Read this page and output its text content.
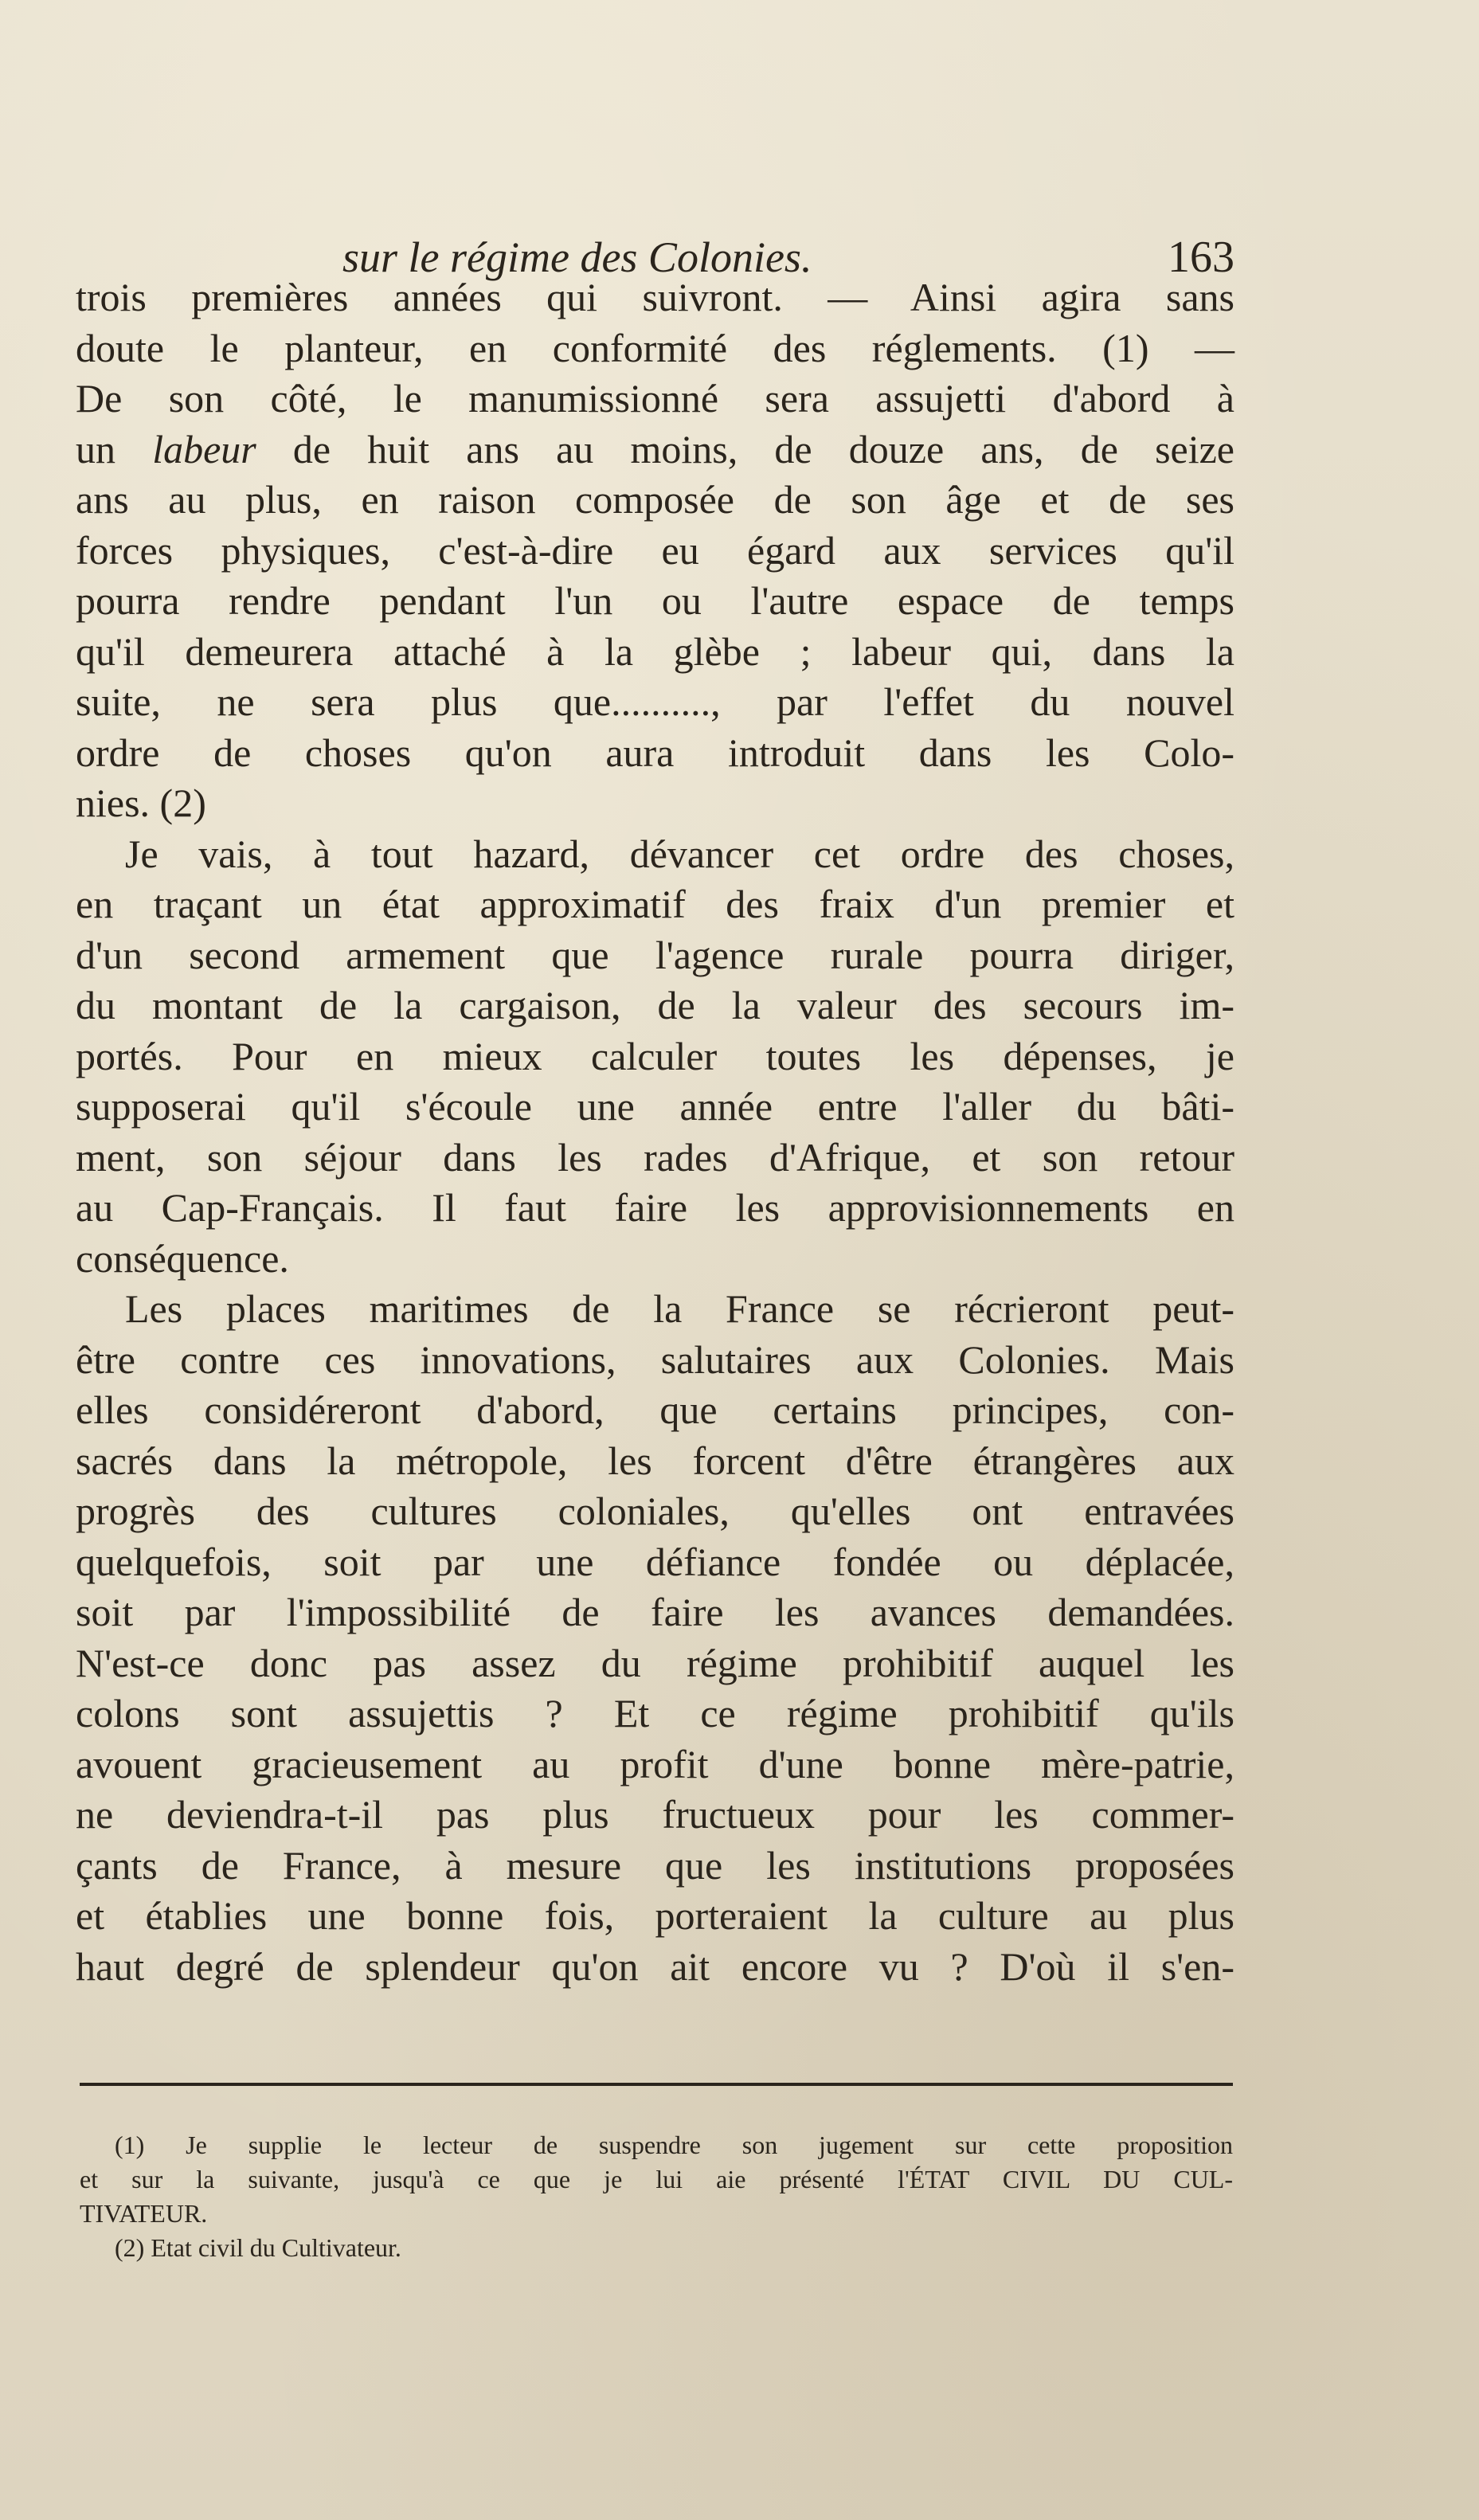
sur le régime des Colonies.	163
trois premières années qui suivront. — Ainsi agira sans
doute le planteur, en conformité des réglements. (1) —
De son côté, le manumissionné sera assujetti d'abord à
un labeur de huit ans au moins, de douze ans, de seize
ans au plus, en raison composée de son âge et de ses
forces physiques, c'est-à-dire eu égard aux services qu'il
pourra rendre pendant l'un ou l'autre espace de temps
qu'il demeurera attaché à la glèbe ; labeur qui, dans la
suite, ne sera plus que.........., par l'effet du nouvel
ordre de choses qu'on aura introduit dans les Colo-
nies. (2)
Je vais, à tout hazard, dévancer cet ordre des choses,
en traçant un état approximatif des fraix d'un premier et
d'un second armement que l'agence rurale pourra diriger,
du montant de la cargaison, de la valeur des secours im-
portés. Pour en mieux calculer toutes les dépenses, je
supposerai qu'il s'écoule une année entre l'aller du bâti-
ment, son séjour dans les rades d'Afrique, et son retour
au Cap-Français. Il faut faire les approvisionnements en
conséquence.
Les places maritimes de la France se récrieront peut-
être contre ces innovations, salutaires aux Colonies. Mais
elles considéreront d'abord, que certains principes, con-
sacrés dans la métropole, les forcent d'être étrangères aux
progrès des cultures coloniales, qu'elles ont entravées
quelquefois, soit par une défiance fondée ou déplacée,
soit par l'impossibilité de faire les avances demandées.
N'est-ce donc pas assez du régime prohibitif auquel les
colons sont assujettis ? Et ce régime prohibitif qu'ils
avouent gracieusement au profit d'une bonne mère-patrie,
ne deviendra-t-il pas plus fructueux pour les commer-
çants de France, à mesure que les institutions proposées
et établies une bonne fois, porteraient la culture au plus
haut degré de splendeur qu'on ait encore vu ? D'où il s'en-
(1) Je supplie le lecteur de suspendre son jugement sur cette proposition
et sur la suivante, jusqu'à ce que je lui aie présenté l'ÉTAT CIVIL DU CUL-
TIVATEUR.
(2) Etat civil du Cultivateur.
